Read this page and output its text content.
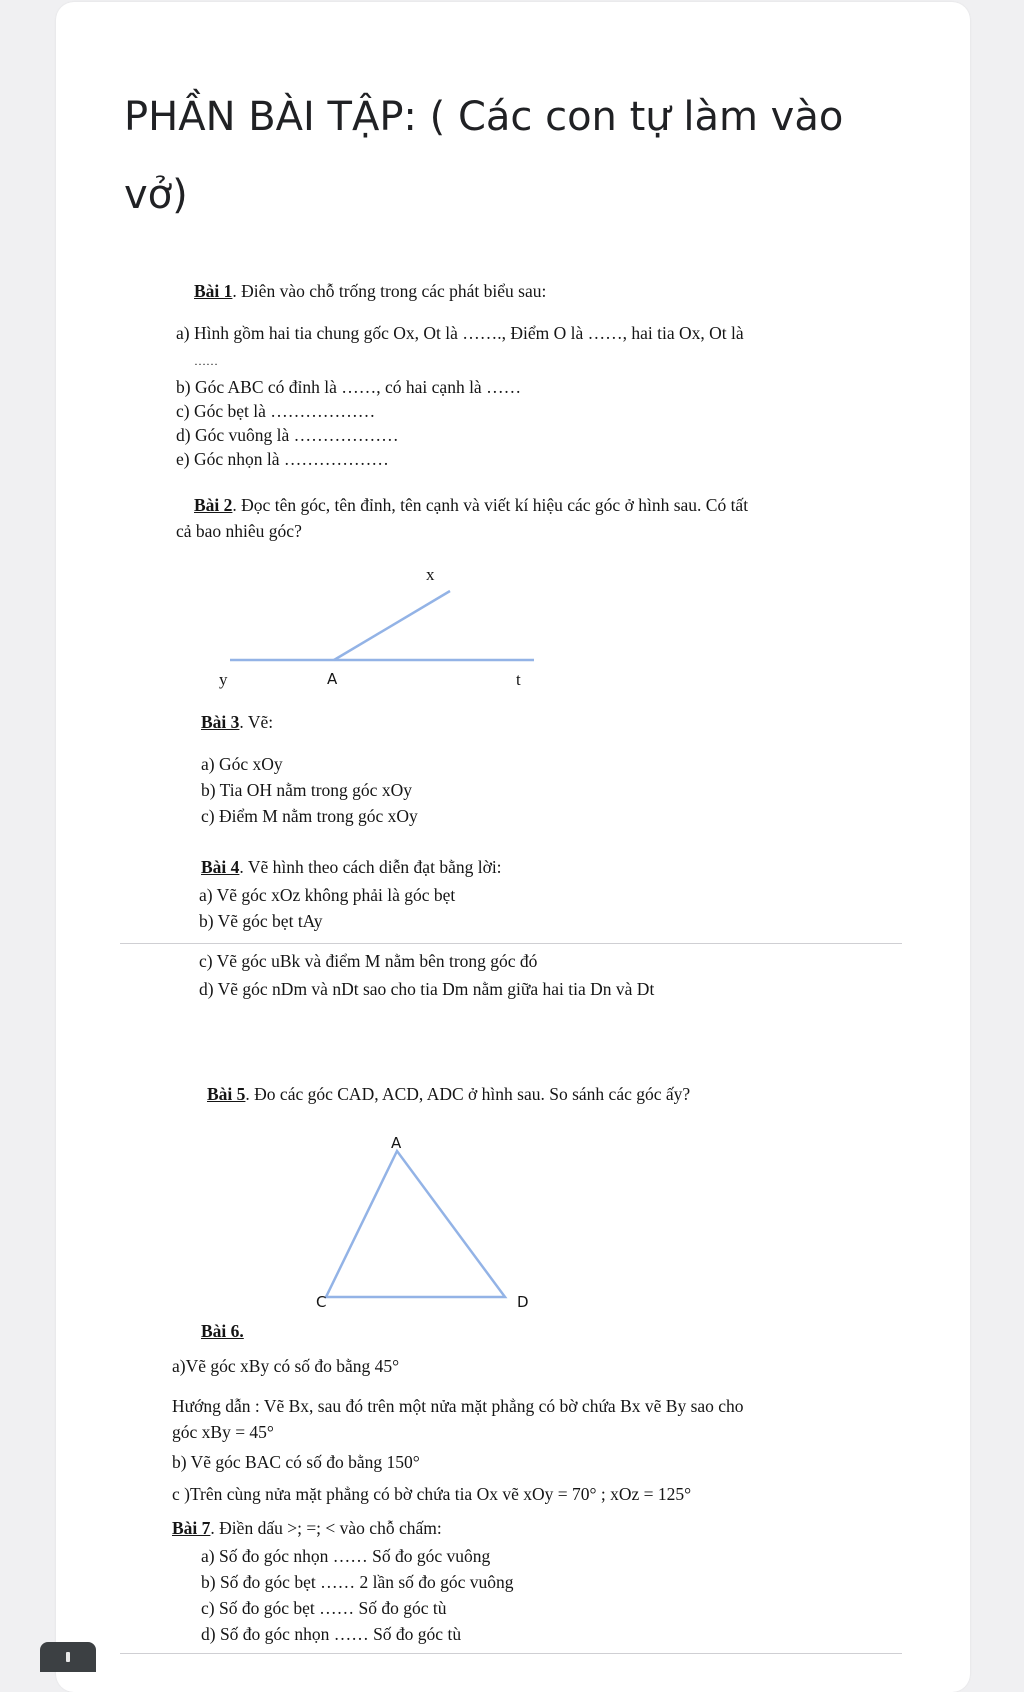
PHẦN BÀI TẬP: ( Các con tự làm vào vở)
Bài 1. Điên vào chỗ trống trong các phát biểu sau:
a) Hình gồm hai tia chung gốc Ox, Ot là ……., Điểm O là ……, hai tia Ox, Ot là
……
b) Góc ABC có đỉnh là ……, có hai cạnh là ……
c) Góc bẹt là ………………
d) Góc vuông là ………………
e) Góc nhọn là ………………
Bài 2. Đọc tên góc, tên đỉnh, tên cạnh và viết kí hiệu các góc ở hình sau. Có tất
cả bao nhiêu góc?
x
y	A	t
Bài 3. Vẽ:
a) Góc xOy
b) Tia OH nằm trong góc xOy
c) Điểm M nằm trong góc xOy
Bài 4. Vẽ hình theo cách diễn đạt bằng lời:
a) Vẽ góc xOz không phải là góc bẹt
b) Vẽ góc bẹt tAy
c) Vẽ góc uBk và điểm M nằm bên trong góc đó
d) Vẽ góc nDm và nDt sao cho tia Dm nằm giữa hai tia Dn và Dt
Bài 5. Đo các góc CAD, ACD, ADC ở hình sau. So sánh các góc ấy?
A
C	D
Bài 6.
a)Vẽ góc xBy có số đo bằng 45°
Hướng dẫn : Vẽ Bx, sau đó trên một nửa mặt phẳng có bờ chứa Bx vẽ By sao cho
góc xBy = 45°
b) Vẽ góc BAC có số đo bằng 150°
c )Trên cùng nửa mặt phẳng có bờ chứa tia Ox vẽ xOy = 70° ; xOz = 125°
Bài 7. Điền dấu >; =; < vào chỗ chấm:
a) Số đo góc nhọn …… Số đo góc vuông
b) Số đo góc bẹt …… 2 lần số đo góc vuông
c) Số đo góc bẹt …… Số đo góc tù
d) Số đo góc nhọn …… Số đo góc tù
